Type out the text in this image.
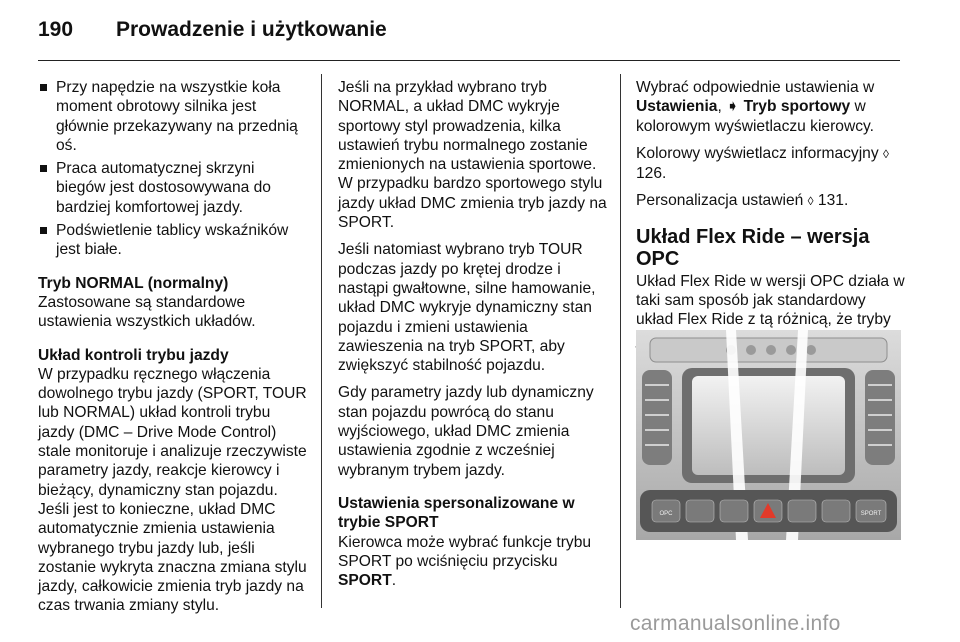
190 Prowadzenie i użytkowanie
Przy napędzie na wszystkie koła moment obrotowy silnika jest głównie przekazywany na przednią oś.
Praca automatycznej skrzyni biegów jest dostosowywana do bardziej komfortowej jazdy.
Podświetlenie tablicy wskaźników jest białe.

Tryb NORMAL (normalny)

Zastosowane są standardowe ustawienia wszystkich układów.

Układ kontroli trybu jazdy

W przypadku ręcznego włączenia dowolnego trybu jazdy (SPORT, TOUR lub NORMAL) układ kontroli trybu jazdy (DMC – Drive Mode Control) stale monitoruje i analizuje rzeczywiste parametry jazdy, reakcje kierowcy i bieżący, dynamiczny stan pojazdu. Jeśli jest to konieczne, układ DMC automatycznie zmienia ustawienia wybranego trybu jazdy lub, jeśli zostanie wykryta znaczna zmiana stylu jazdy, całkowicie zmienia tryb jazdy na czas trwania zmiany stylu.

Jeśli na przykład wybrano tryb NORMAL, a układ DMC wykryje sportowy styl prowadzenia, kilka ustawień trybu normalnego zostanie zmienionych na ustawienia sportowe. W przypadku bardzo sportowego stylu jazdy układ DMC zmienia tryb jazdy na SPORT.

Jeśli natomiast wybrano tryb TOUR podczas jazdy po krętej drodze i nastąpi gwałtowne, silne hamowanie, układ DMC wykryje dynamiczny stan pojazdu i zmieni ustawienia zawieszenia na tryb SPORT, aby zwiększyć stabilność pojazdu.

Gdy parametry jazdy lub dynamiczny stan pojazdu powrócą do stanu wyjściowego, układ DMC zmienia ustawienia zgodnie z wcześniej wybranym trybem jazdy.

Ustawienia spersonalizowane w trybie SPORT

Kierowca może wybrać funkcje trybu SPORT po wciśnięciu przycisku SPORT.

Wybrać odpowiednie ustawienia w Ustawienia, ➧ Tryb sportowy w kolorowym wyświetlaczu kierowcy.

Kolorowy wyświetlacz informacyjny ◊ 126.

Personalizacja ustawień ◊ 131.

Układ Flex Ride – wersja OPC

Układ Flex Ride w wersji OPC działa w taki sam sposób jak standardowy układ Flex Ride z tą różnicą, że tryby

OPC	SPORT
carmanualsonline.info
